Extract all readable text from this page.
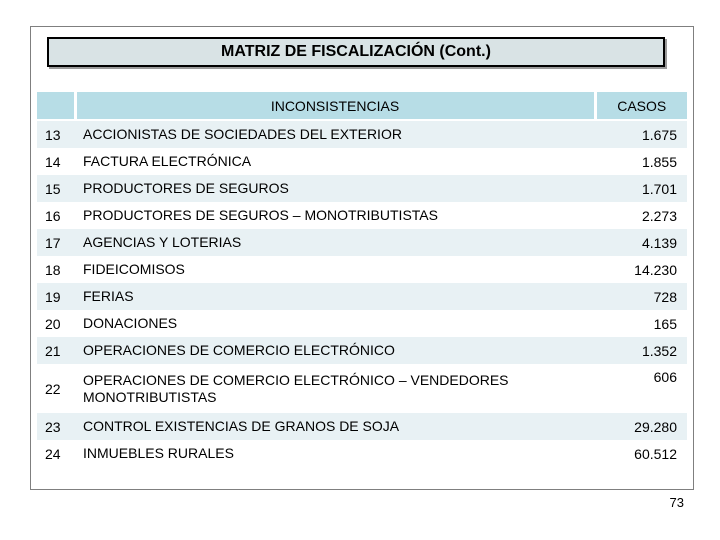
MATRIZ DE FISCALIZACIÓN (Cont.)
	INCONSISTENCIAS	CASOS
13	ACCIONISTAS DE SOCIEDADES DEL EXTERIOR	1.675
14	FACTURA ELECTRÓNICA	1.855
15	PRODUCTORES DE SEGUROS	1.701
16	PRODUCTORES DE SEGUROS – MONOTRIBUTISTAS	2.273
17	AGENCIAS Y LOTERIAS	4.139
18	FIDEICOMISOS	14.230
19	FERIAS	728
20	DONACIONES	165
21	OPERACIONES DE COMERCIO ELECTRÓNICO	1.352
22	OPERACIONES DE COMERCIO ELECTRÓNICO – VENDEDORES MONOTRIBUTISTAS	606
23	CONTROL EXISTENCIAS DE GRANOS DE SOJA	29.280
24	INMUEBLES RURALES	60.512
73
